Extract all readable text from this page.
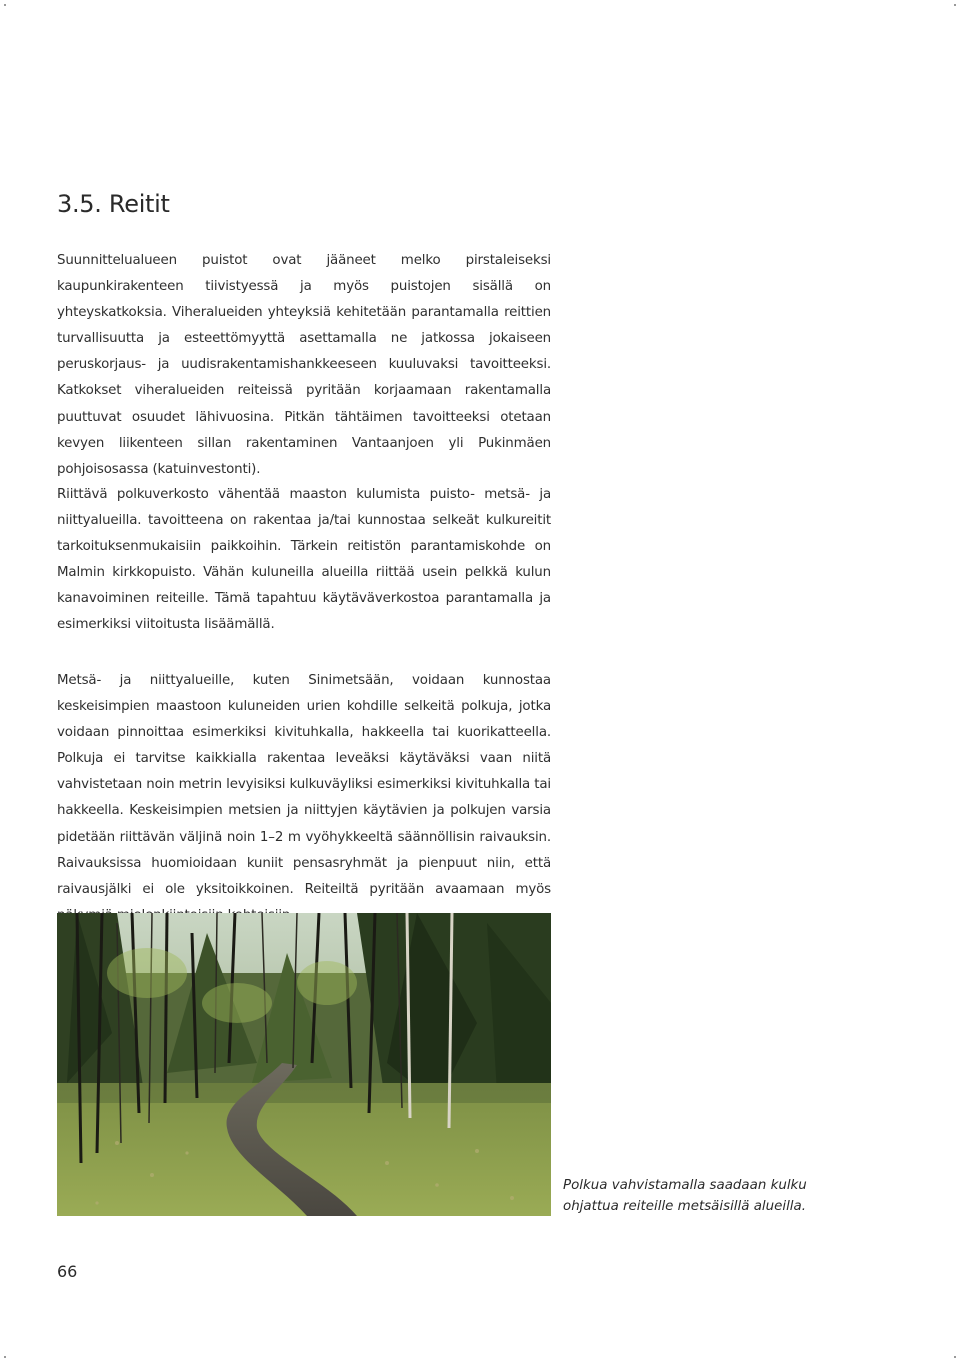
3.5. Reitit

Suunnittelualueen puistot ovat jääneet melko pirstaleiseksi kaupunkirakenteen tiivistyessä ja myös puistojen sisällä on yhteyskatkoksia. Viheralueiden yhteyksiä kehitetään parantamalla reittien turvallisuutta ja esteettömyyttä asettamalla ne jatkossa jokaiseen peruskorjaus- ja uudisrakentamishankkeeseen kuuluvaksi tavoitteeksi. Katkokset viheralueiden reiteissä pyritään korjaamaan rakentamalla puuttuvat osuudet lähivuosina. Pitkän tähtäimen tavoitteeksi otetaan kevyen liikenteen sillan rakentaminen Vantaanjoen yli Pukinmäen pohjoisosassa (katuinvestonti).

Riittävä polkuverkosto vähentää maaston kulumista puisto- metsä- ja niittyalueilla. tavoitteena on rakentaa ja/tai kunnostaa selkeät kulkureitit tarkoituksenmukaisiin paikkoihin. Tärkein reitistön parantamiskohde on Malmin kirkkopuisto. Vähän kuluneilla alueilla riittää usein pelkkä kulun kanavoiminen reiteille. Tämä tapahtuu käytäväverkostoa parantamalla ja esimerkiksi viitoitusta lisäämällä.

Metsä- ja niittyalueille, kuten Sinimetsään, voidaan kunnostaa keskeisimpien maastoon kuluneiden urien kohdille selkeitä polkuja, jotka voidaan pinnoittaa esimerkiksi kivituhkalla, hakkeella tai kuorikatteella. Polkuja ei tarvitse kaikkialla rakentaa leveäksi käytäväksi vaan niitä vahvistetaan noin metrin levyisiksi kulkuväyliksi esimerkiksi kivituhkalla tai hakkeella. Keskeisimpien metsien ja niittyjen käytävien ja polkujen varsia pidetään riittävän väljinä noin 1–2 m vyöhykkeeltä säännöllisin raivauksin. Raivauksissa huomioidaan kuniit pensasryhmät ja pienpuut niin, että raivausjälki ei ole yksitoikkoinen. Reiteiltä pyritään avaamaan myös

Polkua vahvistamalla saadaan kulku ohjattua reiteille metsäisillä alueilla.

66
